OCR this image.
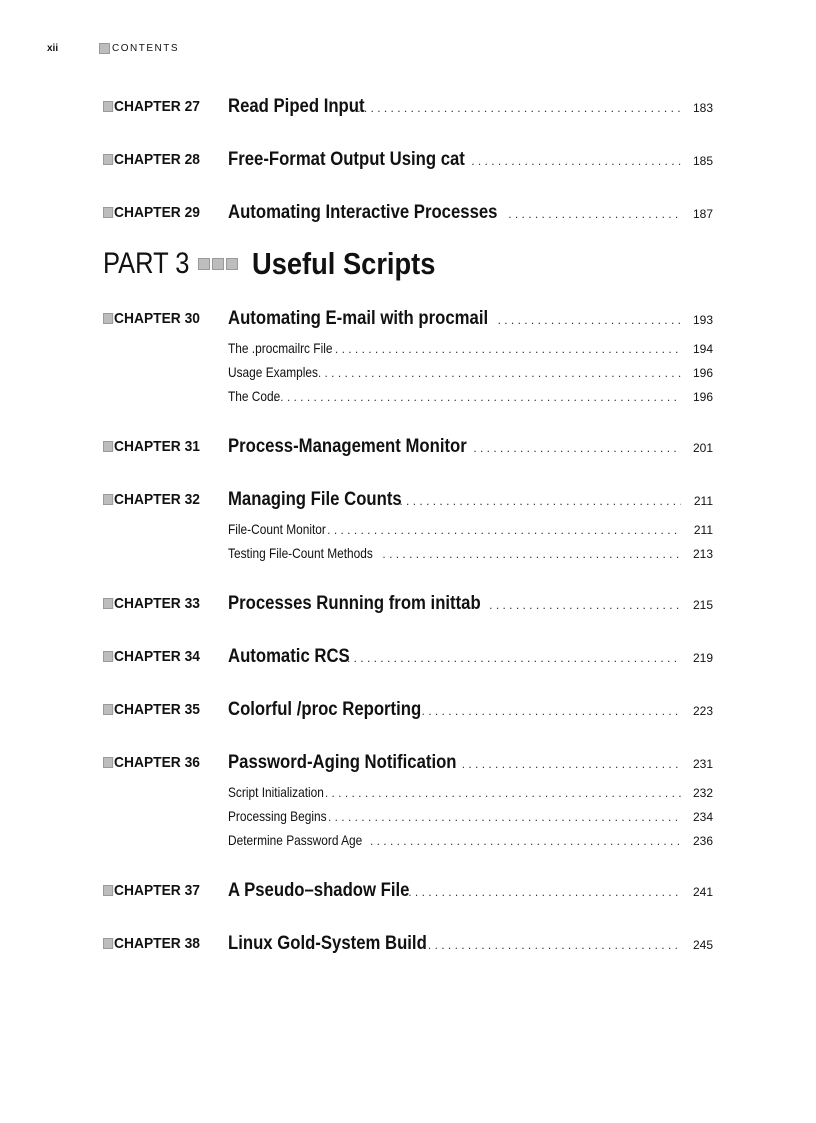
xii	CONTENTS
CHAPTER 27 Read Piped Input . . .	183
CHAPTER 28 Free-Format Output Using cat . . .	185
CHAPTER 29 Automating Interactive Processes . . .	187
PART 3 Useful Scripts
CHAPTER 30 Automating E-mail with procmail . . .	193
The .procmailrc File . . .	194
Usage Examples . . .	196
The Code . . .	196
CHAPTER 31 Process-Management Monitor . . .	201
CHAPTER 32 Managing File Counts . . .	211
File-Count Monitor . . .	211
Testing File-Count Methods . . .	213
CHAPTER 33 Processes Running from inittab . . .	215
CHAPTER 34 Automatic RCS . . .	219
CHAPTER 35 Colorful /proc Reporting . . .	223
CHAPTER 36 Password-Aging Notification . . .	231
Script Initialization . . .	232
Processing Begins . . .	234
Determine Password Age . . .	236
CHAPTER 37 A Pseudo–shadow File . . .	241
CHAPTER 38 Linux Gold-System Build . . .	245
